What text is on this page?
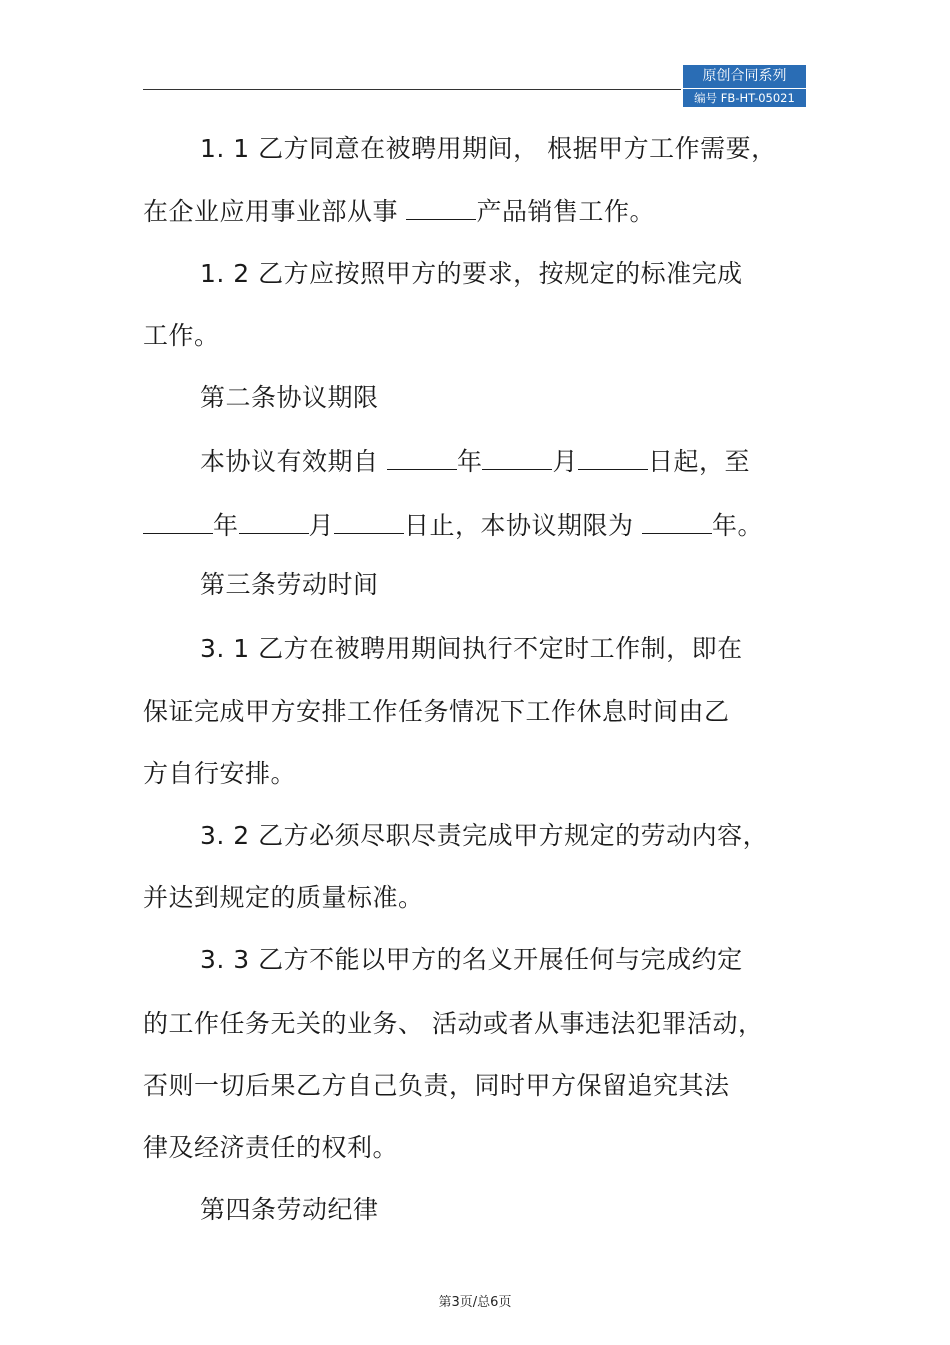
原创合同系列
编号 FB-HT-05021
1. 1 乙方同意在被聘用期间， 根据甲方工作需要，
在企业应用事业部从事	产品销售工作。
1. 2 乙方应按照甲方的要求，按规定的标准完成
工作。
第二条协议期限
本协议有效期自	年	月	日起，至
年	月	日止，本协议期限为	年。
第三条劳动时间
3. 1 乙方在被聘用期间执行不定时工作制，即在
保证完成甲方安排工作任务情况下工作休息时间由乙
方自行安排。
3. 2 乙方必须尽职尽责完成甲方规定的劳动内容，
并达到规定的质量标准。
3. 3 乙方不能以甲方的名义开展任何与完成约定
的工作任务无关的业务、 活动或者从事违法犯罪活动，
否则一切后果乙方自己负责，同时甲方保留追究其法
律及经济责任的权利。
第四条劳动纪律
第3页/总6页
